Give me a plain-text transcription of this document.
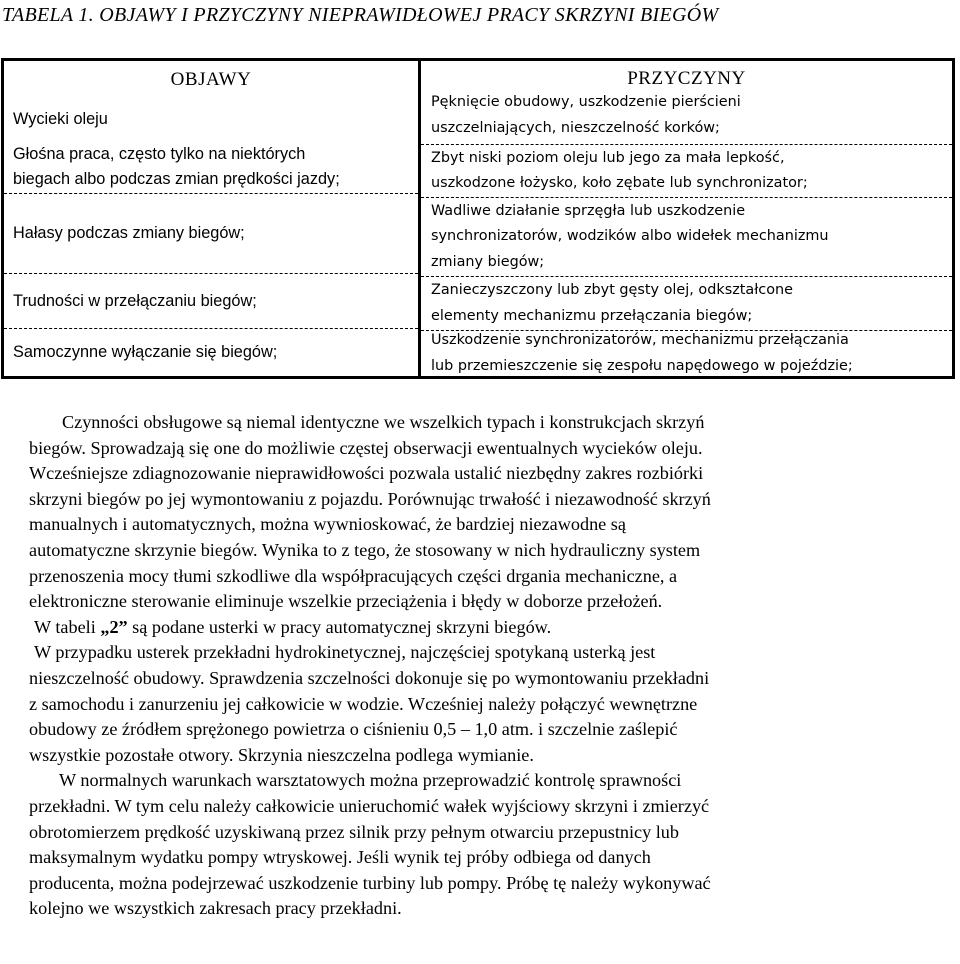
TABELA 1. OBJAWY I PRZYCZYNY NIEPRAWIDŁOWEJ PRACY SKRZYNI BIEGÓW
OBJAWY	PRZYCZYNY
Wycieki oleju
Głośna praca, często tylko na niektórych
biegach albo podczas zmian prędkości jazdy;
Hałasy podczas zmiany biegów;
Trudności w przełączaniu biegów;
Samoczynne wyłączanie się biegów;
Pęknięcie obudowy, uszkodzenie pierścieni
uszczelniających, nieszczelność korków;
Zbyt niski poziom oleju lub jego za mała lepkość,
uszkodzone łożysko, koło zębate lub synchronizator;
Wadliwe działanie sprzęgła lub uszkodzenie
synchronizatorów, wodzików albo widełek mechanizmu
zmiany biegów;
Zanieczyszczony lub zbyt gęsty olej, odkształcone
elementy mechanizmu przełączania biegów;
Uszkodzenie synchronizatorów, mechanizmu przełączania
lub przemieszczenie się zespołu napędowego w pojeździe;

Czynności obsługowe są niemal identyczne we wszelkich typach i konstrukcjach skrzyń

biegów. Sprowadzają się one do możliwie częstej obserwacji ewentualnych wycieków oleju.

Wcześniejsze zdiagnozowanie nieprawidłowości pozwala ustalić niezbędny zakres rozbiórki

skrzyni biegów po jej wymontowaniu z pojazdu. Porównując trwałość i niezawodność skrzyń

manualnych i automatycznych, można wywnioskować, że bardziej niezawodne są

automatyczne skrzynie biegów. Wynika to z tego, że stosowany w nich hydrauliczny system

przenoszenia mocy tłumi szkodliwe dla współpracujących części drgania mechaniczne, a

elektroniczne sterowanie eliminuje wszelkie przeciążenia i błędy w doborze przełożeń.

W tabeli „2” są podane usterki w pracy automatycznej skrzyni biegów.

W przypadku usterek przekładni hydrokinetycznej, najczęściej spotykaną usterką jest

nieszczelność obudowy. Sprawdzenia szczelności dokonuje się po wymontowaniu przekładni

z samochodu i zanurzeniu jej całkowicie w wodzie. Wcześniej należy połączyć wewnętrzne

obudowy ze źródłem sprężonego powietrza o ciśnieniu 0,5 – 1,0 atm. i szczelnie zaślepić

wszystkie pozostałe otwory. Skrzynia nieszczelna podlega wymianie.

W normalnych warunkach warsztatowych można przeprowadzić kontrolę sprawności

przekładni. W tym celu należy całkowicie unieruchomić wałek wyjściowy skrzyni i zmierzyć

obrotomierzem prędkość uzyskiwaną przez silnik przy pełnym otwarciu przepustnicy lub

maksymalnym wydatku pompy wtryskowej. Jeśli wynik tej próby odbiega od danych

producenta, można podejrzewać uszkodzenie turbiny lub pompy. Próbę tę należy wykonywać

kolejno we wszystkich zakresach pracy przekładni.
